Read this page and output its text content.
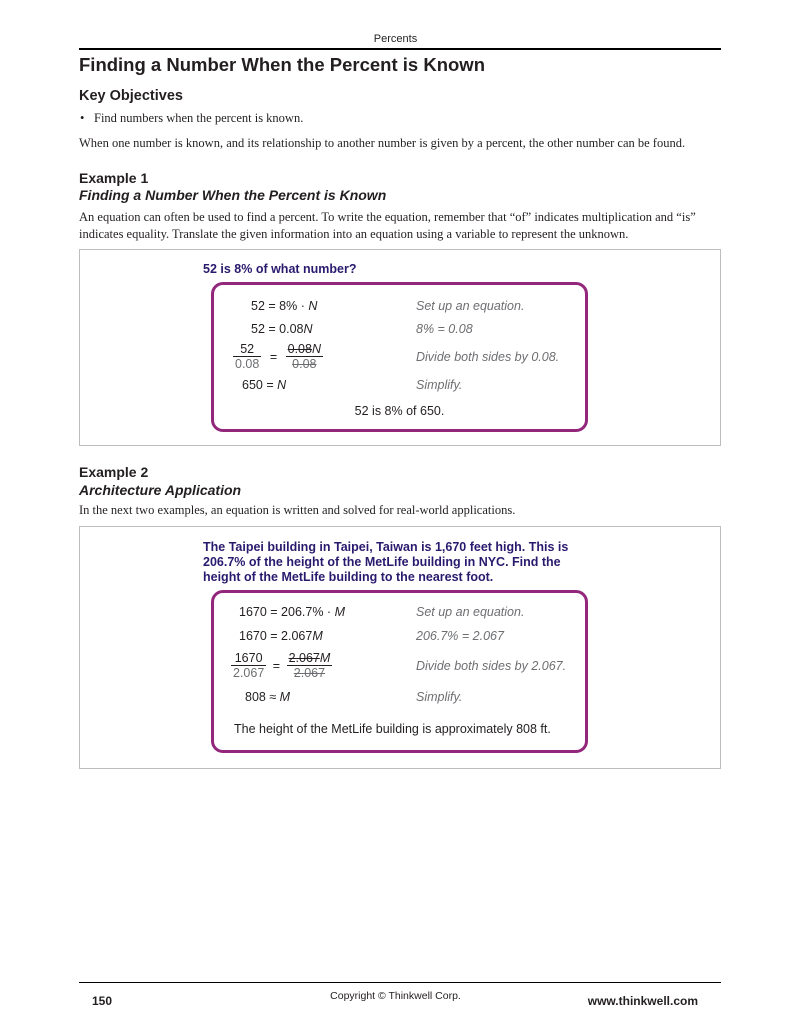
Percents
Finding a Number When the Percent is Known
Key Objectives
• Find numbers when the percent is known.
When one number is known, and its relationship to another number is given by a percent, the other number can be found.
Example 1
Finding a Number When the Percent is Known
An equation can often be used to find a percent. To write the equation, remember that “of” indicates multiplication and “is” indicates equality. Translate the given information into an equation using a variable to represent the unknown.
52 is 8% of what number?
52 = 8% · N	Set up an equation.
52 = 0.08N	8% = 0.08
$\frac{52}{0.08} = \frac{0.08N}{0.08}$	Divide both sides by 0.08.
650 = N	Simplify.
52 is 8% of 650.
Example 2
Architecture Application
In the next two examples, an equation is written and solved for real-world applications.
The Taipei building in Taipei, Taiwan is 1,670 feet high. This is
206.7% of the height of the MetLife building in NYC. Find the
height of the MetLife building to the nearest foot.
1670 = 206.7% · M	Set up an equation.
1670 = 2.067M	206.7% = 2.067
$\frac{1670}{2.067} = \frac{2.067M}{2.067}$	Divide both sides by 2.067.
808 ≈ M	Simplify.
The height of the MetLife building is approximately 808 ft.
150	Copyright © Thinkwell Corp.	www.thinkwell.com
